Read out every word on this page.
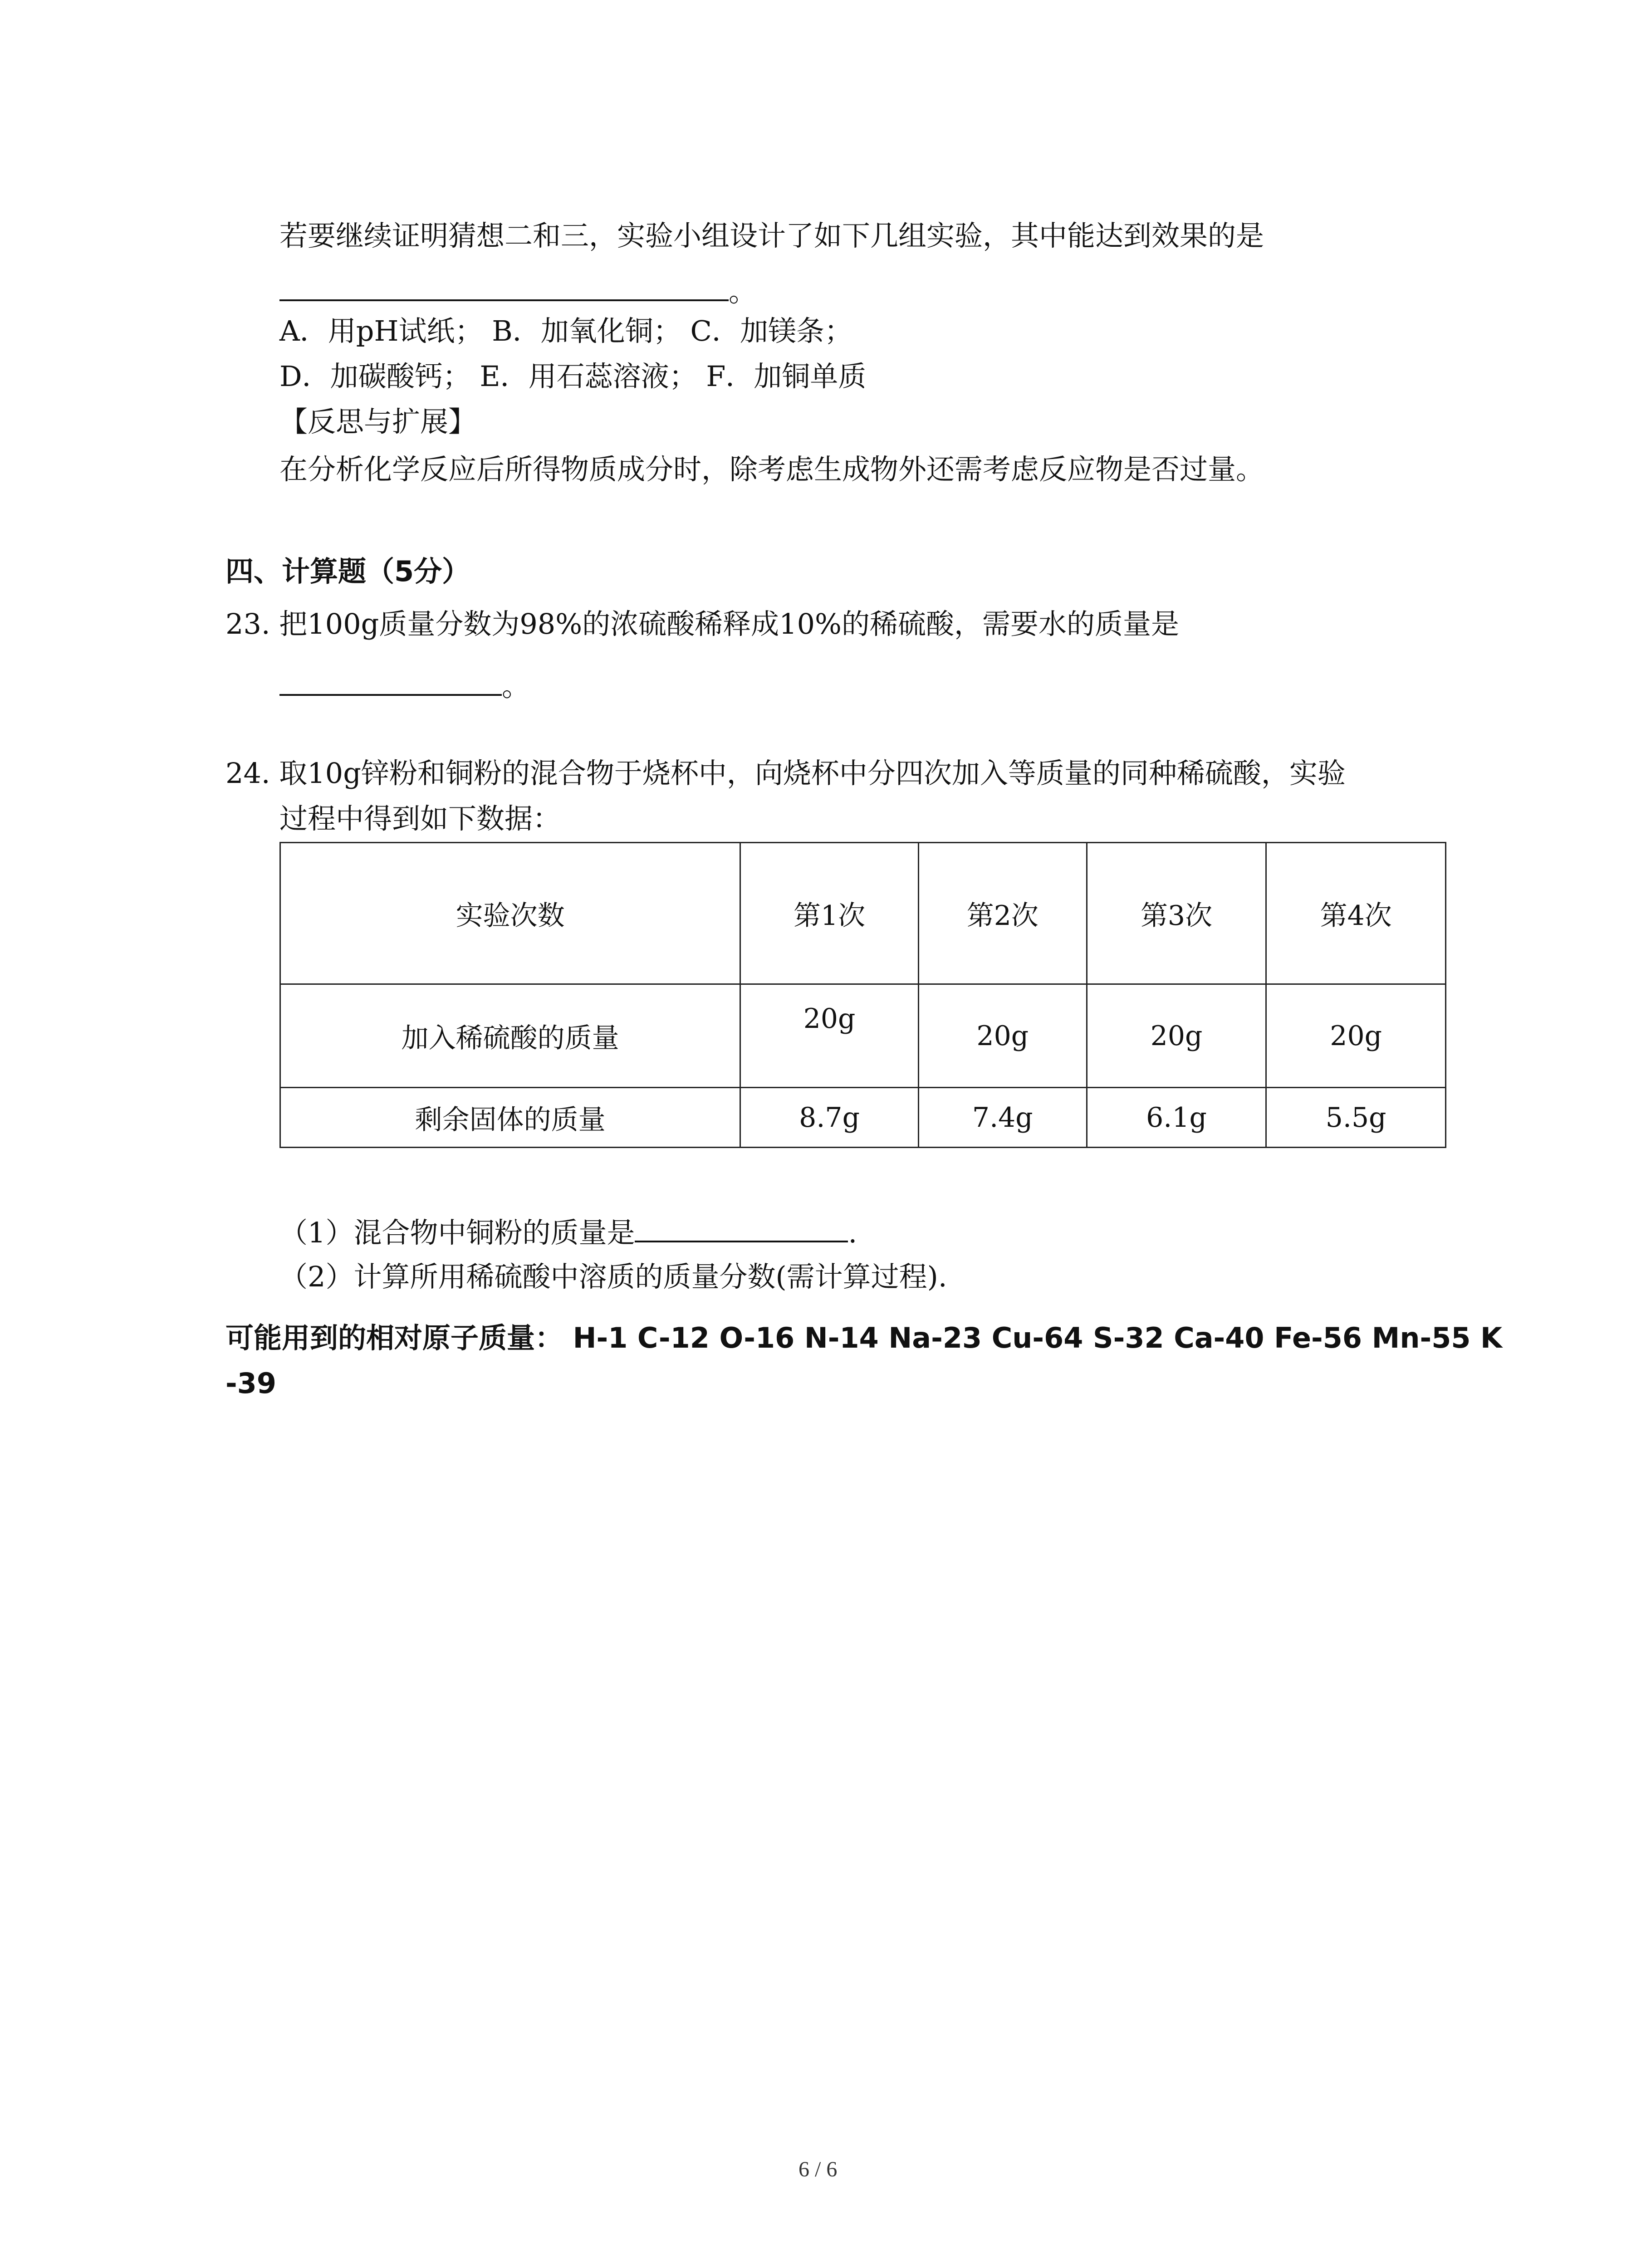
若要继续证明猜想二和三，实验小组设计了如下几组实验，其中能达到效果的是
。
A．用pH试纸； B．加氧化铜； C．加镁条；
D．加碳酸钙； E．用石蕊溶液； F．加铜单质
【反思与扩展】
在分析化学反应后所得物质成分时，除考虑生成物外还需考虑反应物是否过量。
四、计算题（5分）
23. 把100g质量分数为98%的浓硫酸稀释成10%的稀硫酸，需要水的质量是
。
24. 取10g锌粉和铜粉的混合物于烧杯中，向烧杯中分四次加入等质量的同种稀硫酸，实验
过程中得到如下数据：
实验次数	第1次	第2次	第3次	第4次
加入稀硫酸的质量	20g	20g	20g	20g
剩余固体的质量	8.7g	7.4g	6.1g	5.5g
（1）混合物中铜粉的质量是	.
（2）计算所用稀硫酸中溶质的质量分数(需计算过程).
可能用到的相对原子质量： H-1 C-12 O-16 N-14 Na-23 Cu-64 S-32 Ca-40 Fe-56 Mn-55 K
-39
6 / 6
